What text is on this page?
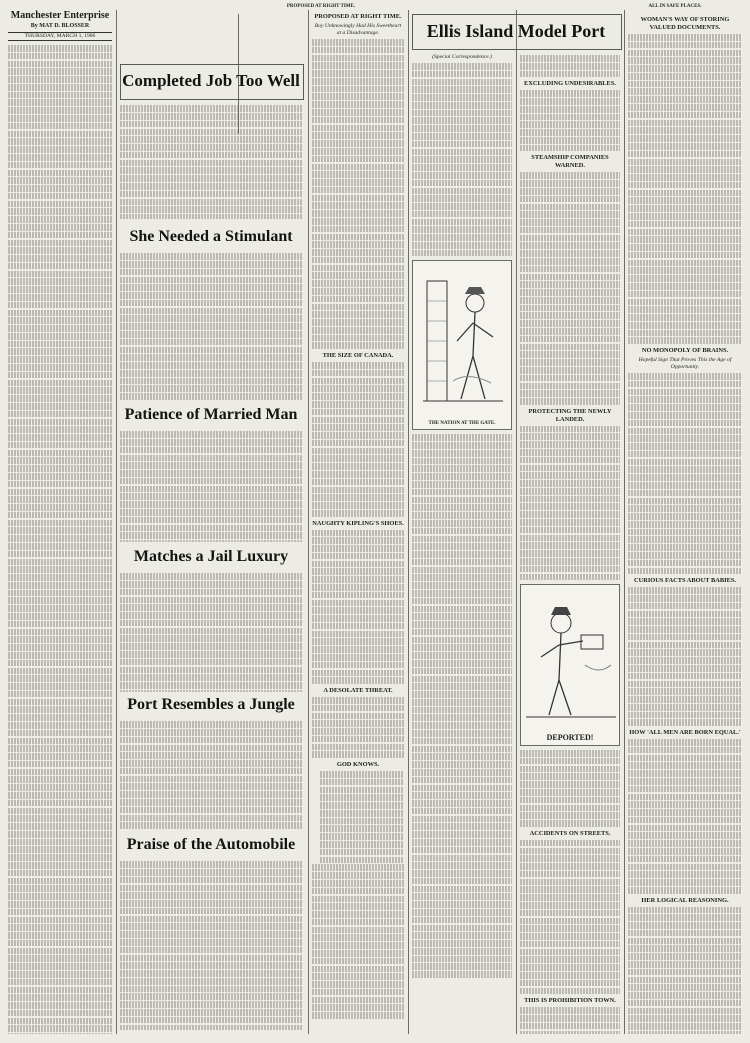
PROPOSED AT RIGHT TIME.	ALL IN SAFE PLACES.
Manchester Enterprise
By MAT D. BLOSSER
THURSDAY, MARCH 1, 1906
Completed Job Too Well
She Needed a Stimulant
Patience of Married Man
Matches a Jail Luxury
Port Resembles a Jungle
Praise of the Automobile
PROPOSED AT RIGHT TIME.
Boy Unknowingly Had His Sweetheart at a Disadvantage.
THE SIZE OF CANADA.
NAUGHTY KIPLING'S SHOES.
A DESOLATE THREAT.
GOD KNOWS.
Ellis Island Model Port
(Special Correspondence.)
THE NATION AT THE GATE.
EXCLUDING UNDESIRABLES.
STEAMSHIP COMPANIES WARNED.
PROTECTING THE NEWLY LANDED.
DEPORTED!
ACCIDENTS ON STREETS.
THIS IS PROHIBITION TOWN.
WOMAN'S WAY OF STORING VALUED DOCUMENTS.
NO MONOPOLY OF BRAINS.
Hopeful Sign That Proves This the Age of Opportunity.
CURIOUS FACTS ABOUT BABIES.
HOW 'ALL MEN ARE BORN EQUAL.'
HER LOGICAL REASONING.
